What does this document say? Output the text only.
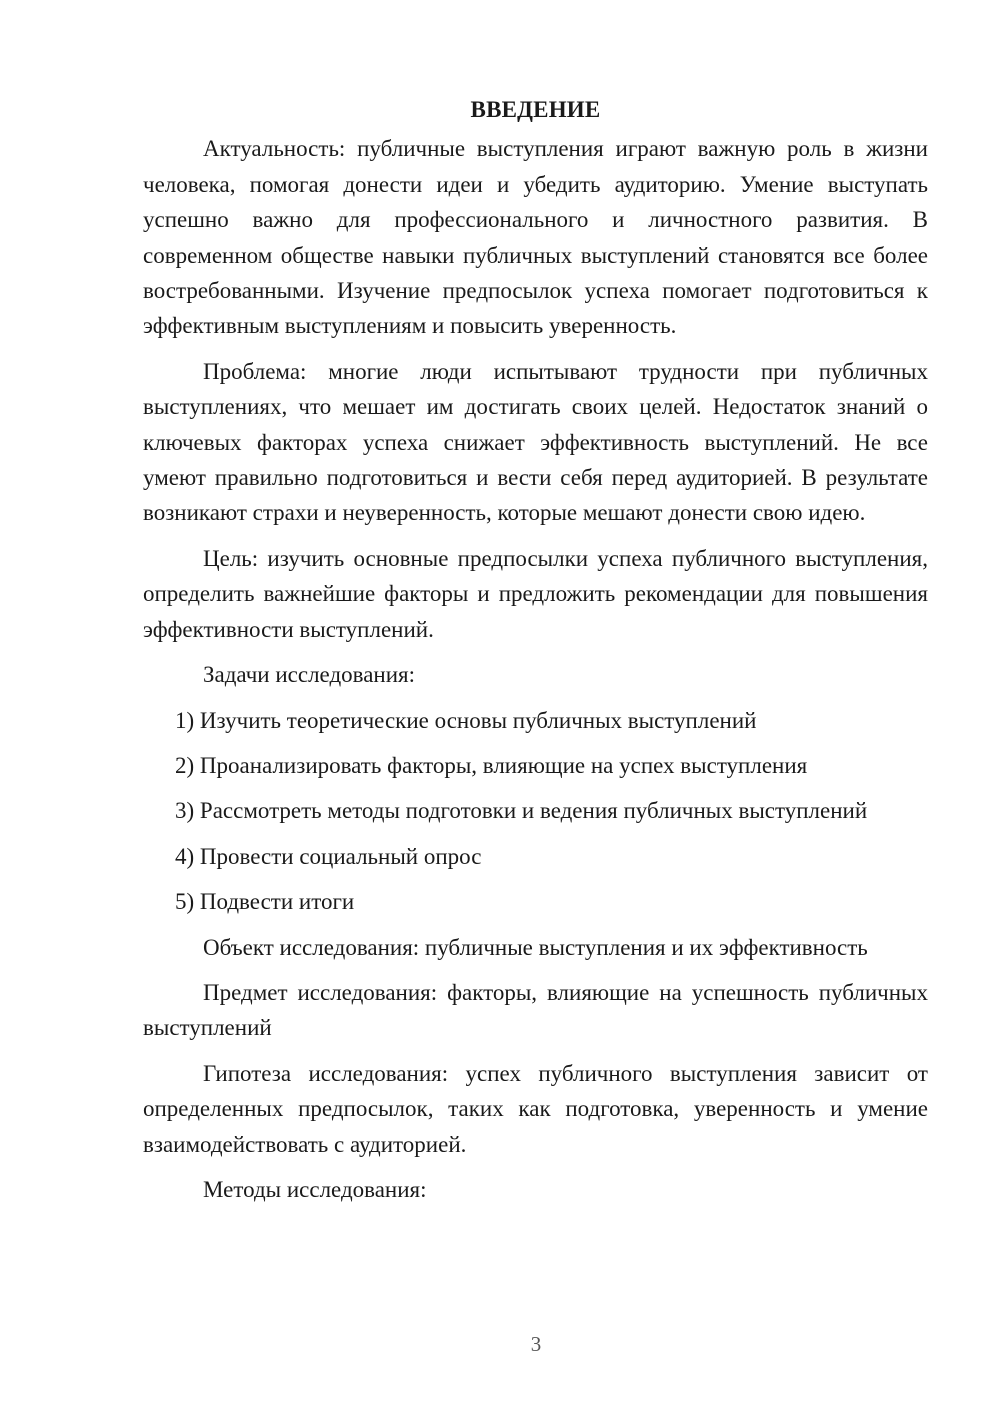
ВВЕДЕНИЕ
Актуальность: публичные выступления играют важную роль в жизни человека, помогая донести идеи и убедить аудиторию. Умение выступать успешно важно для профессионального и личностного развития. В современном обществе навыки публичных выступлений становятся все более востребованными. Изучение предпосылок успеха помогает подготовиться к эффективным выступлениям и повысить уверенность.
Проблема: многие люди испытывают трудности при публичных выступлениях, что мешает им достигать своих целей. Недостаток знаний о ключевых факторах успеха снижает эффективность выступлений. Не все умеют правильно подготовиться и вести себя перед аудиторией. В результате возникают страхи и неуверенность, которые мешают донести свою идею.
Цель: изучить основные предпосылки успеха публичного выступления, определить важнейшие факторы и предложить рекомендации для повышения эффективности выступлений.
Задачи исследования:
1) Изучить теоретические основы публичных выступлений
2) Проанализировать факторы, влияющие на успех выступления
3) Рассмотреть методы подготовки и ведения публичных выступлений
4) Провести социальный опрос
5) Подвести итоги
Объект исследования: публичные выступления и их эффективность
Предмет исследования: факторы, влияющие на успешность публичных выступлений
Гипотеза исследования: успех публичного выступления зависит от определенных предпосылок, таких как подготовка, уверенность и умение взаимодействовать с аудиторией.
Методы исследования:
3
